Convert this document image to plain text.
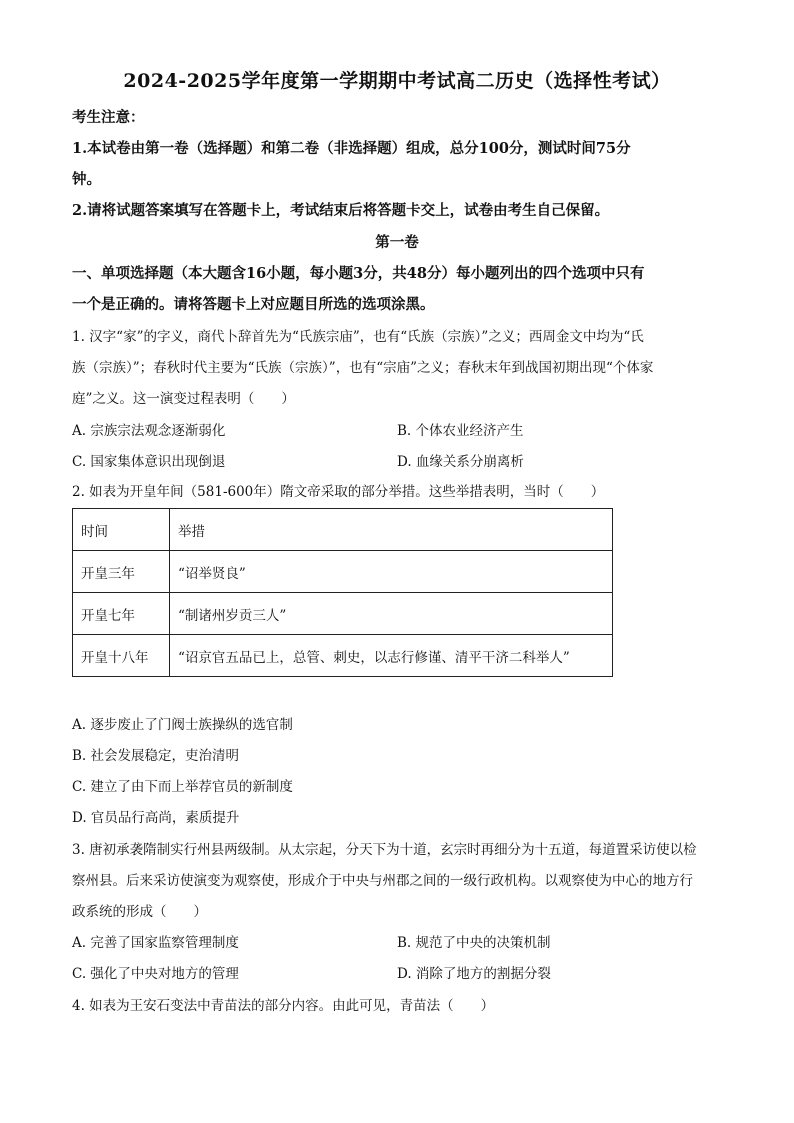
2024-2025学年度第一学期期中考试高二历史（选择性考试）
考生注意：
1.本试卷由第一卷（选择题）和第二卷（非选择题）组成，总分100分，测试时间75分
钟。
2.请将试题答案填写在答题卡上，考试结束后将答题卡交上，试卷由考生自己保留。
第一卷
一、单项选择题（本大题含16小题，每小题3分，共48分）每小题列出的四个选项中只有
一个是正确的。请将答题卡上对应题目所选的选项涂黑。
1. 汉字“家”的字义，商代卜辞首先为“氏族宗庙”，也有“氏族（宗族）”之义；西周金文中均为“氏
族（宗族）”；春秋时代主要为“氏族（宗族）”，也有“宗庙”之义；春秋末年到战国初期出现“个体家
庭”之义。这一演变过程表明（　　）
A. 宗族宗法观念逐渐弱化	B. 个体农业经济产生
C. 国家集体意识出现倒退	D. 血缘关系分崩离析
2. 如表为开皇年间（581-600年）隋文帝采取的部分举措。这些举措表明，当时（　　）
时间	举措
开皇三年	“诏举贤良”
开皇七年	“制诸州岁贡三人”
开皇十八年	“诏京官五品已上，总管、刺史，以志行修谨、清平干济二科举人”
A. 逐步废止了门阀士族操纵的选官制
B. 社会发展稳定，吏治清明
C. 建立了由下而上举荐官员的新制度
D. 官员品行高尚，素质提升
3. 唐初承袭隋制实行州县两级制。从太宗起，分天下为十道，玄宗时再细分为十五道，每道置采访使以检
察州县。后来采访使演变为观察使，形成介于中央与州郡之间的一级行政机构。以观察使为中心的地方行
政系统的形成（　　）
A. 完善了国家监察管理制度	B. 规范了中央的决策机制
C. 强化了中央对地方的管理	D. 消除了地方的割据分裂
4. 如表为王安石变法中青苗法的部分内容。由此可见，青苗法（　　）
